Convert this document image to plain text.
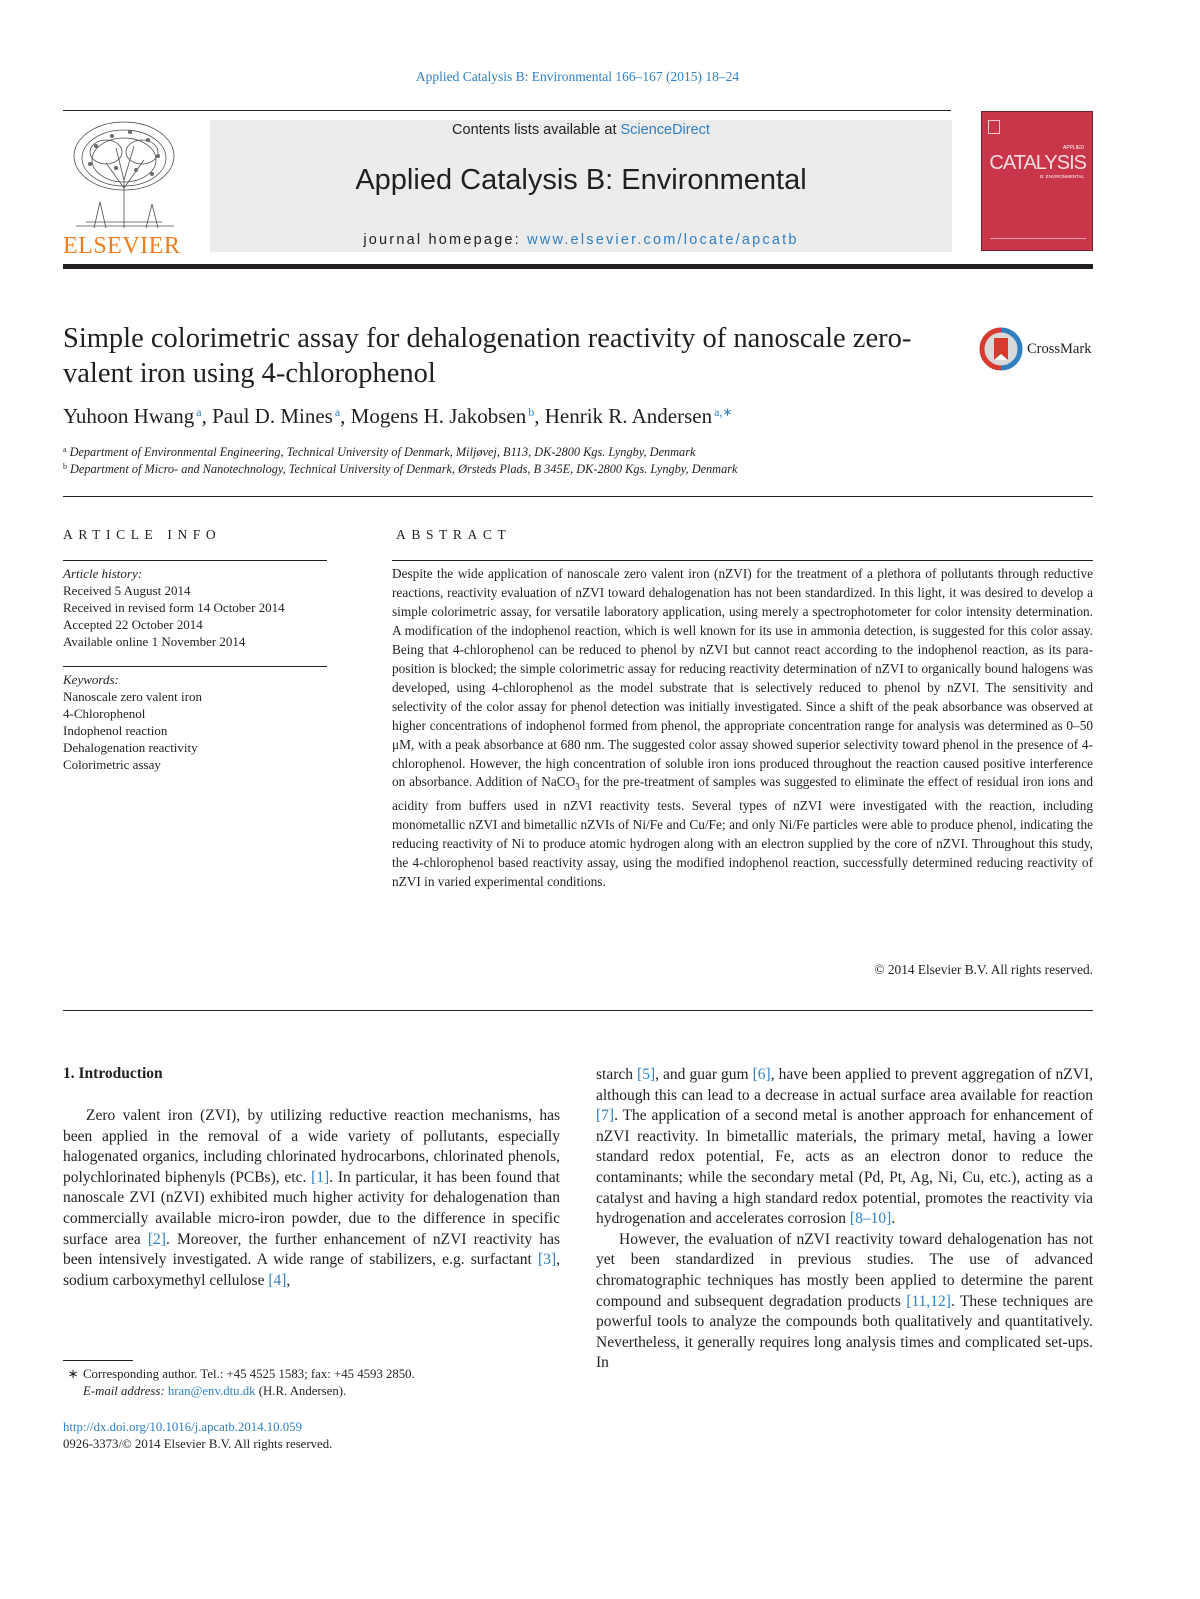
Applied Catalysis B: Environmental 166–167 (2015) 18–24
ELSEVIER
Contents lists available at ScienceDirect
Applied Catalysis B: Environmental
journal homepage: www.elsevier.com/locate/apcatb
APPLIED
CATALYSIS
B: ENVIRONMENTAL
Simple colorimetric assay for dehalogenation reactivity of nanoscale zero-valent iron using 4-chlorophenol
CrossMark
Yuhoon Hwang $^a$, Paul D. Mines $^a$, Mogens H. Jakobsen $^b$, Henrik R. Andersen $^{a,∗}$
$^a$ Department of Environmental Engineering, Technical University of Denmark, Miljøvej, B113, DK-2800 Kgs. Lyngby, Denmark
$^b$ Department of Micro- and Nanotechnology, Technical University of Denmark, Ørsteds Plads, B 345E, DK-2800 Kgs. Lyngby, Denmark
ARTICLE INFO
Article history:
Received 5 August 2014
Received in revised form 14 October 2014
Accepted 22 October 2014
Available online 1 November 2014
Keywords:
Nanoscale zero valent iron
4-Chlorophenol
Indophenol reaction
Dehalogenation reactivity
Colorimetric assay
ABSTRACT
Despite the wide application of nanoscale zero valent iron (nZVI) for the treatment of a plethora of pollutants through reductive reactions, reactivity evaluation of nZVI toward dehalogenation has not been standardized. In this light, it was desired to develop a simple colorimetric assay, for versatile laboratory application, using merely a spectrophotometer for color intensity determination. A modification of the indophenol reaction, which is well known for its use in ammonia detection, is suggested for this color assay. Being that 4-chlorophenol can be reduced to phenol by nZVI but cannot react according to the indophenol reaction, as its para-position is blocked; the simple colorimetric assay for reducing reactivity determination of nZVI to organically bound halogens was developed, using 4-chlorophenol as the model substrate that is selectively reduced to phenol by nZVI. The sensitivity and selectivity of the color assay for phenol detection was initially investigated. Since a shift of the peak absorbance was observed at higher concentrations of indophenol formed from phenol, the appropriate concentration range for analysis was determined as 0–50 μM, with a peak absorbance at 680 nm. The suggested color assay showed superior selectivity toward phenol in the presence of 4-chlorophenol. However, the high concentration of soluble iron ions produced throughout the reaction caused positive interference on absorbance. Addition of NaCO$_3$ for the pre-treatment of samples was suggested to eliminate the effect of residual iron ions and acidity from buffers used in nZVI reactivity tests. Several types of nZVI were investigated with the reaction, including monometallic nZVI and bimetallic nZVIs of Ni/Fe and Cu/Fe; and only Ni/Fe particles were able to produce phenol, indicating the reducing reactivity of Ni to produce atomic hydrogen along with an electron supplied by the core of nZVI. Throughout this study, the 4-chlorophenol based reactivity assay, using the modified indophenol reaction, successfully determined reducing reactivity of nZVI in varied experimental conditions.
© 2014 Elsevier B.V. All rights reserved.
1. Introduction

Zero valent iron (ZVI), by utilizing reductive reaction mechanisms, has been applied in the removal of a wide variety of pollutants, especially halogenated organics, including chlorinated hydrocarbons, chlorinated phenols, polychlorinated biphenyls (PCBs), etc. [1]. In particular, it has been found that nanoscale ZVI (nZVI) exhibited much higher activity for dehalogenation than commercially available micro-iron powder, due to the difference in specific surface area [2]. Moreover, the further enhancement of nZVI reactivity has been intensively investigated. A wide range of stabilizers, e.g. surfactant [3], sodium carboxymethyl cellulose [4],

starch [5], and guar gum [6], have been applied to prevent aggregation of nZVI, although this can lead to a decrease in actual surface area available for reaction [7]. The application of a second metal is another approach for enhancement of nZVI reactivity. In bimetallic materials, the primary metal, having a lower standard redox potential, Fe, acts as an electron donor to reduce the contaminants; while the secondary metal (Pd, Pt, Ag, Ni, Cu, etc.), acting as a catalyst and having a high standard redox potential, promotes the reactivity via hydrogenation and accelerates corrosion [8–10].

However, the evaluation of nZVI reactivity toward dehalogenation has not yet been standardized in previous studies. The use of advanced chromatographic techniques has mostly been applied to determine the parent compound and subsequent degradation products [11,12]. These techniques are powerful tools to analyze the compounds both qualitatively and quantitatively. Nevertheless, it generally requires long analysis times and complicated set-ups. In

∗ Corresponding author. Tel.: +45 4525 1583; fax: +45 4593 2850.
E-mail address: hran@env.dtu.dk (H.R. Andersen).
http://dx.doi.org/10.1016/j.apcatb.2014.10.059
0926-3373/© 2014 Elsevier B.V. All rights reserved.
